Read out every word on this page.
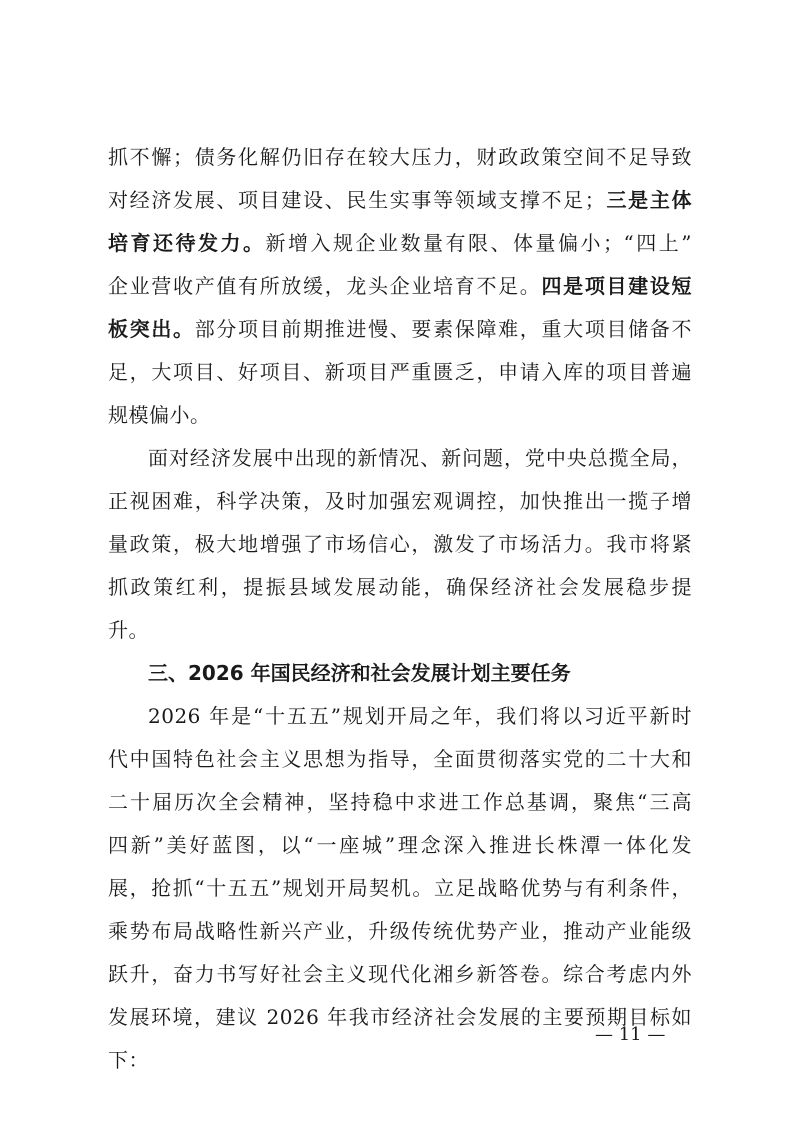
抓不懈；债务化解仍旧存在较大压力，财政政策空间不足导致
对经济发展、项目建设、民生实事等领域支撑不足；三是主体
培育还待发力。新增入规企业数量有限、体量偏小；“四上”
企业营收产值有所放缓，龙头企业培育不足。四是项目建设短
板突出。部分项目前期推进慢、要素保障难，重大项目储备不
足，大项目、好项目、新项目严重匮乏，申请入库的项目普遍
规模偏小。
面对经济发展中出现的新情况、新问题，党中央总揽全局，
正视困难，科学决策，及时加强宏观调控，加快推出一揽子增
量政策，极大地增强了市场信心，激发了市场活力。我市将紧
抓政策红利，提振县域发展动能，确保经济社会发展稳步提
升。
三、2026 年国民经济和社会发展计划主要任务
2026 年是“十五五”规划开局之年，我们将以习近平新时
代中国特色社会主义思想为指导，全面贯彻落实党的二十大和
二十届历次全会精神，坚持稳中求进工作总基调，聚焦“三高
四新”美好蓝图，以“一座城”理念深入推进长株潭一体化发
展，抢抓“十五五”规划开局契机。立足战略优势与有利条件，
乘势布局战略性新兴产业，升级传统优势产业，推动产业能级
跃升，奋力书写好社会主义现代化湘乡新答卷。综合考虑内外
发展环境，建议 2026 年我市经济社会发展的主要预期目标如
下：
— 11 —
